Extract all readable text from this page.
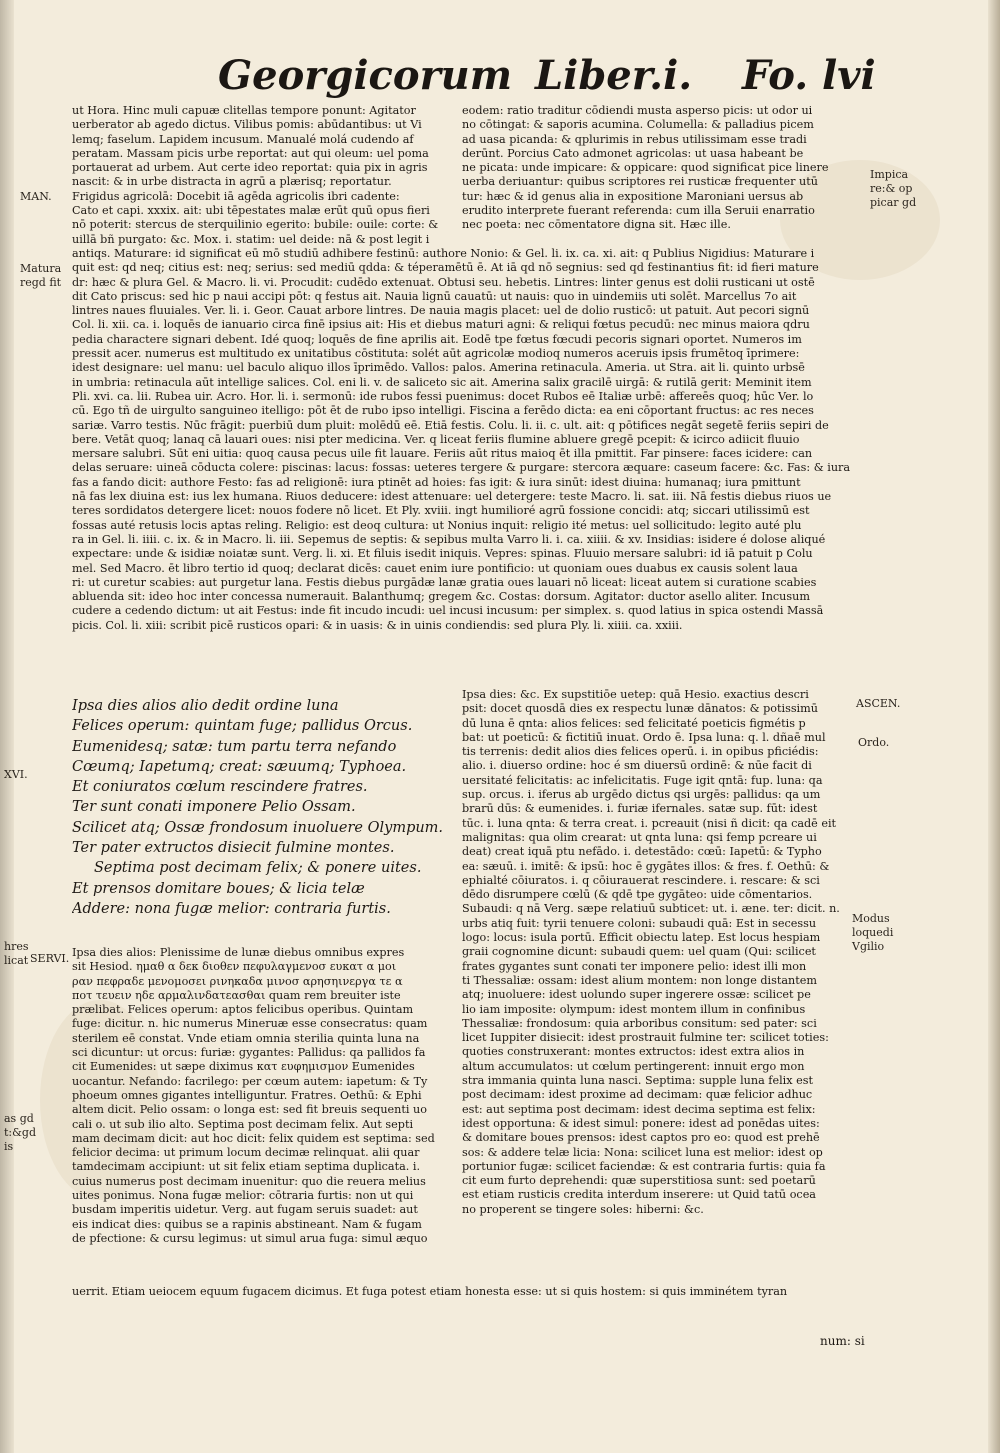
Georgicorum Liber.i. Fo. lvi
MAN.
Matura
regd fit
XVI.
SERVI.
hres
licat
as gd
t:&gd
is
Impica
re:& op
picar gd
ASCEN.
Ordo.
Modus
loquedi
Vgilio

ut Hora. Hinc muli capuæ clitellas tempore ponunt: Agitator

uerberator ab agedo dictus. Vilibus pomis: abūdantibus: ut Vi

lemq; faselum. Lapidem incusum. Manualé molá cudendo af

peratam. Massam picis urbe reportat: aut qui oleum: uel poma

portauerat ad urbem. Aut certe ideo reportat: quia pix in agris

nascit: & in urbe distracta in agrū a plærisq; reportatur.

Frigidus agricolā: Docebit iā agēda agricolis ibri cadente:

Cato et capi. xxxix. ait: ubi tēpestates malæ erūt quū opus fieri

nō poterit: stercus de sterquilinio egerito: bubile: ouile: corte: &

uillā bñ purgato: &c. Mox. i. statim: uel deide: nā & post legit i

eodem: ratio traditur cōdiendi musta asperso picis: ut odor ui

no cōtingat: & saporis acumina. Columella: & palladius picem

ad uasa picanda: & qplurimis in rebus utilissimam esse tradi

derūnt. Porcius Cato admonet agricolas: ut uasa habeant be

ne picata: unde impicare: & oppicare: quod significat pice linere

uerba deriuantur: quibus scriptores rei rusticæ frequenter utū

tur: hæc & id genus alia in expositione Maroniani uersus ab

erudito interprete fuerant referenda: cum illa Seruii enarratio

nec poeta: nec cōmentatore digna sit. Hæc ille.

antiqs. Maturare: id significat eū mō studiū adhibere festinū: authore Nonio: & Gel. li. ix. ca. xi. ait: q Publius Nigidius: Maturare i

quit est: qd neq; citius est: neq; serius: sed mediū qdda: & téperamētū ē. At iā qd nō segnius: sed qd festinantius fit: id fieri mature

dr: hæc & plura Gel. & Macro. li. vi. Procudit: cudēdo extenuat. Obtusi seu. hebetis. Lintres: linter genus est dolii rusticani ut ostē

dit Cato priscus: sed hic p naui accipi pōt: q festus ait. Nauia lignū cauatū: ut nauis: quo in uindemiis uti solēt. Marcellus 7o ait

lintres naues fluuiales. Ver. li. i. Geor. Cauat arbore lintres. De nauia magis placet: uel de dolio rusticō: ut patuit. Aut pecori signū

Col. li. xii. ca. i. loquēs de ianuario circa finē ipsius ait: His et diebus maturi agni: & reliqui fœtus pecudū: nec minus maiora qdru

pedia charactere signari debent. Idé quoq; loquēs de fine aprilis ait. Eodē tpe fœtus fœcudi pecoris signari oportet. Numeros im

pressit acer. numerus est multitudo ex unitatibus cōstituta: solét aūt agricolæ modioq numeros aceruis ipsis frumētoq īprimere:

idest designare: uel manu: uel baculo aliquo illos īprimēdo. Vallos: palos. Amerina retinacula. Ameria. ut Stra. ait li. quinto urbsē

in umbria: retinacula aūt intellige salices. Col. eni li. v. de saliceto sic ait. Amerina salix gracilē uirgā: & rutilā gerit: Meminit item

Pli. xvi. ca. lii. Rubea uir. Acro. Hor. li. i. sermonū: ide rubos fessi puenimus: docet Rubos eē Italiæ urbē: affereēs quoq; hūc Ver. lo

cū. Ego tñ de uirgulto sanguineo itelligo: pōt ēt de rubo ipso intelligi. Fiscina a ferēdo dicta: ea eni cōportant fructus: ac res neces

sariæ. Varro testis. Nūc frāgit: puerbiū dum pluit: molēdū eē. Etiā festis. Colu. li. ii. c. ult. ait: q pōtifices negāt segetē feriis sepiri de

bere. Vetāt quoq; lanaq cā lauari oues: nisi pter medicina. Ver. q liceat feriis flumine abluere gregē pcepit: & icirco adiicit fluuio

mersare salubri. Sūt eni uitia: quoq causa pecus uile fit lauare. Feriis aūt ritus maioq ēt illa pmittit. Far pinsere: faces icidere: can

delas seruare: uineā cōducta colere: piscinas: lacus: fossas: ueteres tergere & purgare: stercora æquare: caseum facere: &c. Fas: & iura

fas a fando dicit: authore Festo: fas ad religionē: iura ptinēt ad hoies: fas igit: & iura sinūt: idest diuina: humanaq; iura pmittunt

nā fas lex diuina est: ius lex humana. Riuos deducere: idest attenuare: uel detergere: teste Macro. li. sat. iii. Nā festis diebus riuos ue

teres sordidatos detergere licet: nouos fodere nō licet. Et Ply. xviii. ingt humilioré agrū fossione concidi: atq; siccari utilissimū est

fossas auté retusis locis aptas reling. Religio: est deoq cultura: ut Nonius inquit: religio ité metus: uel sollicitudo: legito auté plu

ra in Gel. li. iiii. c. ix. & in Macro. li. iii. Sepemus de septis: & sepibus multa Varro li. i. ca. xiiii. & xv. Insidias: isidere é dolose aliqué

expectare: unde & isidiæ noiatæ sunt. Verg. li. xi. Et filuis isedit iniquis. Vepres: spinas. Fluuio mersare salubri: id iā patuit p Colu

mel. Sed Macro. ēt libro tertio id quoq; declarat dicēs: cauet enim iure pontificio: ut quoniam oues duabus ex causis solent laua

ri: ut curetur scabies: aut purgetur lana. Festis diebus purgādæ lanæ gratia oues lauari nō liceat: liceat autem si curatione scabies

abluenda sit: ideo hoc inter concessa numerauit. Balanthumq; gregem &c. Costas: dorsum. Agitator: ductor asello aliter. Incusum

cudere a cedendo dictum: ut ait Festus: inde fit incudo incudi: uel incusi incusum: per simplex. s. quod latius in spica ostendi Massā

picis. Col. li. xiii: scribit picē rusticos opari: & in uasis: & in uinis condiendis: sed plura Ply. li. xiiii. ca. xxiii.

Ipsa dies alios alio dedit ordine luna

Felices operum: quintam fuge; pallidus Orcus.

Eumenidesq; satæ: tum partu terra nefando

Cœumq; Iapetumq; creat: sæuumq; Typhoea.

Et coniuratos cœlum rescindere fratres.

Ter sunt conati imponere Pelio Ossam.

Scilicet atq; Ossæ frondosum inuoluere Olympum.

Ter pater extructos disiecit fulmine montes.

Septima post decimam felix; & ponere uites.

Et prensos domitare boues; & licia telæ

Addere: nona fugæ melior: contraria furtis.

Ipsa dies alios: Plenissime de lunæ diebus omnibus expres

sit Hesiod. ημαθ α δεκ διοθεν πεφυλαγμενοσ ευκατ α μοι

ραν πεφραδε μενομοσει ρινηκαδα μινοσ αρησηινεργα τε α

ποτ τευειν ηδε αρμαλινδατεασθαι quam rem breuiter iste

prælibat. Felices operum: aptos felicibus operibus. Quintam

fuge: dicitur. n. hic numerus Mineruæ esse consecratus: quam

sterilem eē constat. Vnde etiam omnia sterilia quinta luna na

sci dicuntur: ut orcus: furiæ: gygantes: Pallidus: qa pallidos fa

cit Eumenides: ut sæpe diximus κατ ευφημισμον Eumenides

uocantur. Nefando: facrilego: per cœum autem: iapetum: & Ty

phoeum omnes gigantes intelliguntur. Fratres. Oethū: & Ephi

altem dicit. Pelio ossam: o longa est: sed fit breuis sequenti uo

cali o. ut sub ilio alto. Septima post decimam felix. Aut septi

mam decimam dicit: aut hoc dicit: felix quidem est septima: sed

felicior decima: ut primum locum decimæ relinquat. alii quar

tamdecimam accipiunt: ut sit felix etiam septima duplicata. i.

cuius numerus post decimam inuenitur: quo die reuera melius

uites ponimus. Nona fugæ melior: cōtraria furtis: non ut qui

busdam imperitis uidetur. Verg. aut fugam seruis suadet: aut

eis indicat dies: quibus se a rapinis abstineant. Nam & fugam

de pfectione: & cursu legimus: ut simul arua fuga: simul æquo

Ipsa dies: &c. Ex supstitiōe uetep: quā Hesio. exactius descri

psit: docet quosdā dies ex respectu lunæ dānatos: & potissimū

dū luna ē qnta: alios felices: sed felicitaté poeticis figmétis p

bat: ut poeticū: & fictitiū inuat. Ordo ē. Ipsa luna: q. l. dñaē mul

tis terrenis: dedit alios dies felices operū. i. in opibus pficiédis:

alio. i. diuerso ordine: hoc é sm diuersū ordinē: & nūe facit di

uersitaté felicitatis: ac infelicitatis. Fuge igit qntā: fup. luna: qa

sup. orcus. i. iferus ab urgēdo dictus qsi urgēs: pallidus: qa um

brarū dūs: & eumenides. i. furiæ ifernales. satæ sup. fūt: idest

tūc. i. luna qnta: & terra creat. i. pcreauit (nisi ñ dicit: qa cadē eit

malignitas: qua olim crearat: ut qnta luna: qsi femp pcreare ui

deat) creat iquā ptu nefādo. i. detestādo: cœū: Iapetū: & Typho

ea: sæuū. i. imitē: & ipsū: hoc ē gygātes illos: & fres. f. Oethū: &

ephialté cōiuratos. i. q cōiurauerat rescindere. i. rescare: & sci

dēdo disrumpere cœlū (& qdē tpe gygāteo: uide cōmentarios.

Subaudi: q nā Verg. sæpe relatiuū subticet: ut. i. æne. ter: dicit. n.

urbs atiq fuit: tyrii tenuere coloni: subaudi quā: Est in secessu

logo: locus: isula portū. Efficit obiectu latep. Est locus hespiam

graii cognomine dicunt: subaudi quem: uel quam (Qui: scilicet

frates gygantes sunt conati ter imponere pelio: idest illi mon

ti Thessaliæ: ossam: idest alium montem: non longe distantem

atq; inuoluere: idest uolundo super ingerere ossæ: scilicet pe

lio iam imposite: olympum: idest montem illum in confinibus

Thessaliæ: frondosum: quia arboribus consitum: sed pater: sci

licet Iuppiter disiecit: idest prostrauit fulmine ter: scilicet toties:

quoties construxerant: montes extructos: idest extra alios in

altum accumulatos: ut cœlum pertingerent: innuit ergo mon

stra immania quinta luna nasci. Septima: supple luna felix est

post decimam: idest proxime ad decimam: quæ felicior adhuc

est: aut septima post decimam: idest decima septima est felix:

idest opportuna: & idest simul: ponere: idest ad ponēdas uites:

& domitare boues prensos: idest captos pro eo: quod est prehē

sos: & addere telæ licia: Nona: scilicet luna est melior: idest op

portunior fugæ: scilicet faciendæ: & est contraria furtis: quia fa

cit eum furto deprehendi: quæ superstitiosa sunt: sed poetarū

est etiam rusticis credita interdum inserere: ut Quid tatū ocea

no properent se tingere soles: hiberni: &c.

uerrit. Etiam ueiocem equum fugacem dicimus. Et fuga potest etiam honesta esse: ut si quis hostem: si quis imminétem tyran

num: si
